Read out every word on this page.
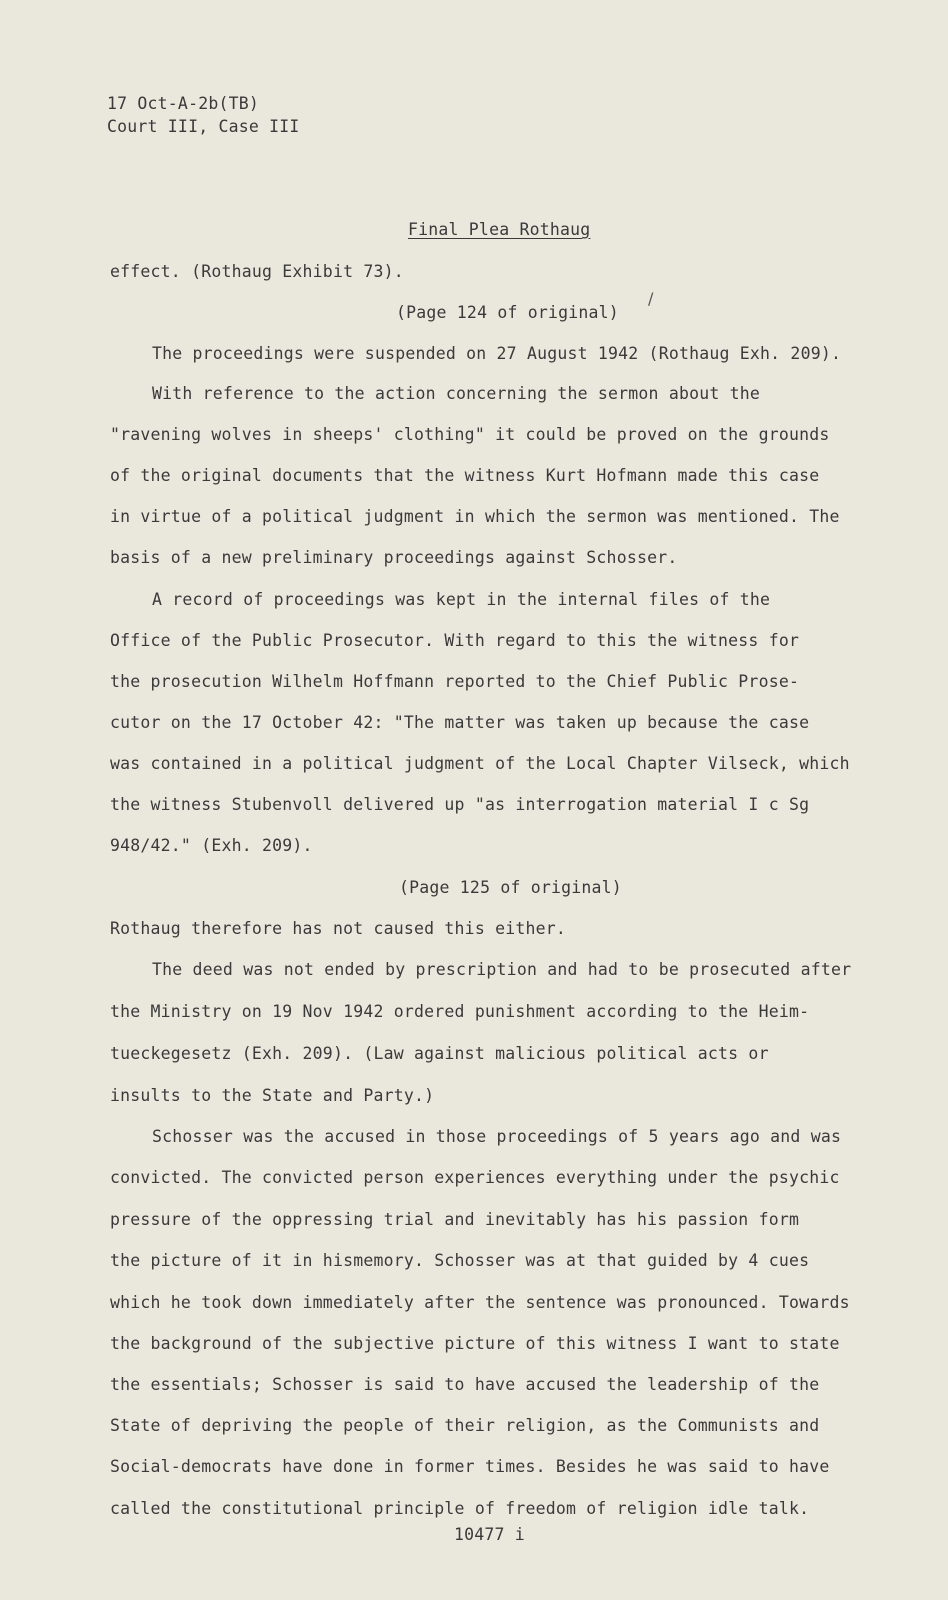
17 Oct-A-2b(TB)
Court III, Case III
Final Plea Rothaug
effect. (Rothaug Exhibit 73).
(Page 124 of original)
/
The proceedings were suspended on 27 August 1942 (Rothaug Exh. 209).
With reference to the action concerning the sermon about the
"ravening wolves in sheeps' clothing" it could be proved on the grounds
of the original documents that the witness Kurt Hofmann made this case
in virtue of a political judgment in which the sermon was mentioned. The
basis of a new preliminary proceedings against Schosser.
A record of proceedings was kept in the internal files of the
Office of the Public Prosecutor. With regard to this the witness for
the prosecution Wilhelm Hoffmann reported to the Chief Public Prose-
cutor on the 17 October 42: "The matter was taken up because the case
was contained in a political judgment of the Local Chapter Vilseck, which
the witness Stubenvoll delivered up "as interrogation material I c Sg
948/42." (Exh. 209).
(Page 125 of original)
Rothaug therefore has not caused this either.
The deed was not ended by prescription and had to be prosecuted after
the Ministry on 19 Nov 1942 ordered punishment according to the Heim-
tueckegesetz (Exh. 209). (Law against malicious political acts or
insults to the State and Party.)
Schosser was the accused in those proceedings of 5 years ago and was
convicted. The convicted person experiences everything under the psychic
pressure of the oppressing trial and inevitably has his passion form
the picture of it in hismemory. Schosser was at that guided by 4 cues
which he took down immediately after the sentence was pronounced. Towards
the background of the subjective picture of this witness I want to state
the essentials; Schosser is said to have accused the leadership of the
State of depriving the people of their religion, as the Communists and
Social-democrats have done in former times. Besides he was said to have
called the constitutional principle of freedom of religion idle talk.
10477 i
